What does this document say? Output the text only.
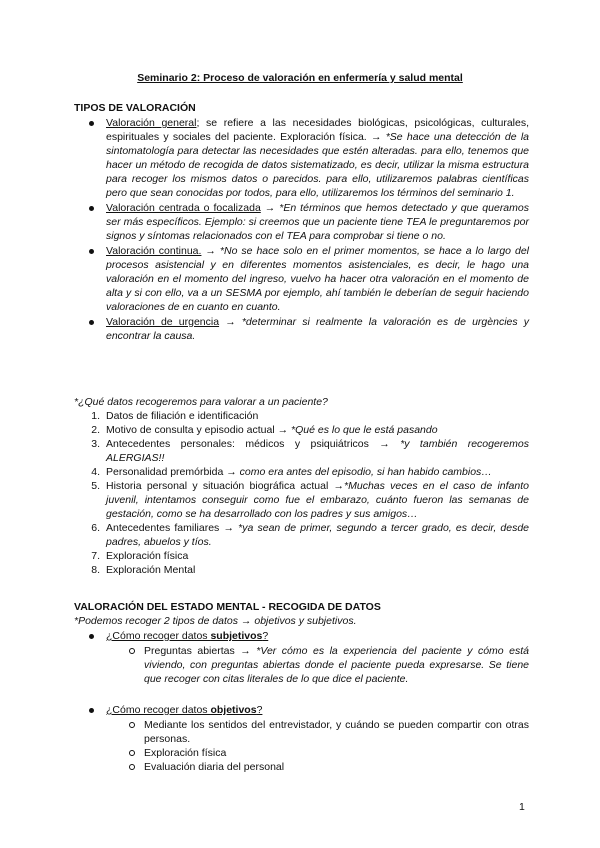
Seminario 2: Proceso de valoración en enfermería y salud mental
TIPOS DE VALORACIÓN
Valoración general; se refiere a las necesidades biológicas, psicológicas, culturales, espirituales y sociales del paciente. Exploración física. → *Se hace una detección de la sintomatología para detectar las necesidades que estén alteradas. para ello, tenemos que hacer un método de recogida de datos sistematizado, es decir, utilizar la misma estructura para recoger los mismos datos o parecidos. para ello, utilizaremos palabras científicas pero que sean conocidas por todos, para ello, utilizaremos los términos del seminario 1.
Valoración centrada o focalizada → *En términos que hemos detectado y que queramos ser más específicos. Ejemplo: si creemos que un paciente tiene TEA le preguntaremos por signos y síntomas relacionados con el TEA para comprobar si tiene o no.
Valoración continua. → *No se hace solo en el primer momentos, se hace a lo largo del procesos asistencial y en diferentes momentos asistenciales, es decir, le hago una valoración en el momento del ingreso, vuelvo ha hacer otra valoración en el momento de alta y si con ello, va a un SESMA por ejemplo, ahí también le deberían de seguir haciendo valoraciones de en cuanto en cuanto.
Valoración de urgencia → *determinar si realmente la valoración es de urgències y encontrar la causa.
*¿Qué datos recogeremos para valorar a un paciente?
1. Datos de filiación e identificación
2. Motivo de consulta y episodio actual → *Qué es lo que le está pasando
3. Antecedentes personales: médicos y psiquiátricos → *y también recogeremos ALERGIAS!!
4. Personalidad premórbida → como era antes del episodio, si han habido cambios…
5. Historia personal y situación biográfica actual →*Muchas veces en el caso de infanto juvenil, intentamos conseguir como fue el embarazo, cuánto fueron las semanas de gestación, como se ha desarrollado con los padres y sus amigos…
6. Antecedentes familiares → *ya sean de primer, segundo a tercer grado, es decir, desde padres, abuelos y tíos.
7. Exploración física
8. Exploración Mental
VALORACIÓN DEL ESTADO MENTAL - RECOGIDA DE DATOS
*Podemos recoger 2 tipos de datos → objetivos y subjetivos.
¿Cómo recoger datos subjetivos?
Preguntas abiertas → *Ver cómo es la experiencia del paciente y cómo está viviendo, con preguntas abiertas donde el paciente pueda expresarse. Se tiene que recoger con citas literales de lo que dice el paciente.
¿Cómo recoger datos objetivos?
Mediante los sentidos del entrevistador, y cuándo se pueden compartir con otras personas.
Exploración física
Evaluación diaria del personal
1
